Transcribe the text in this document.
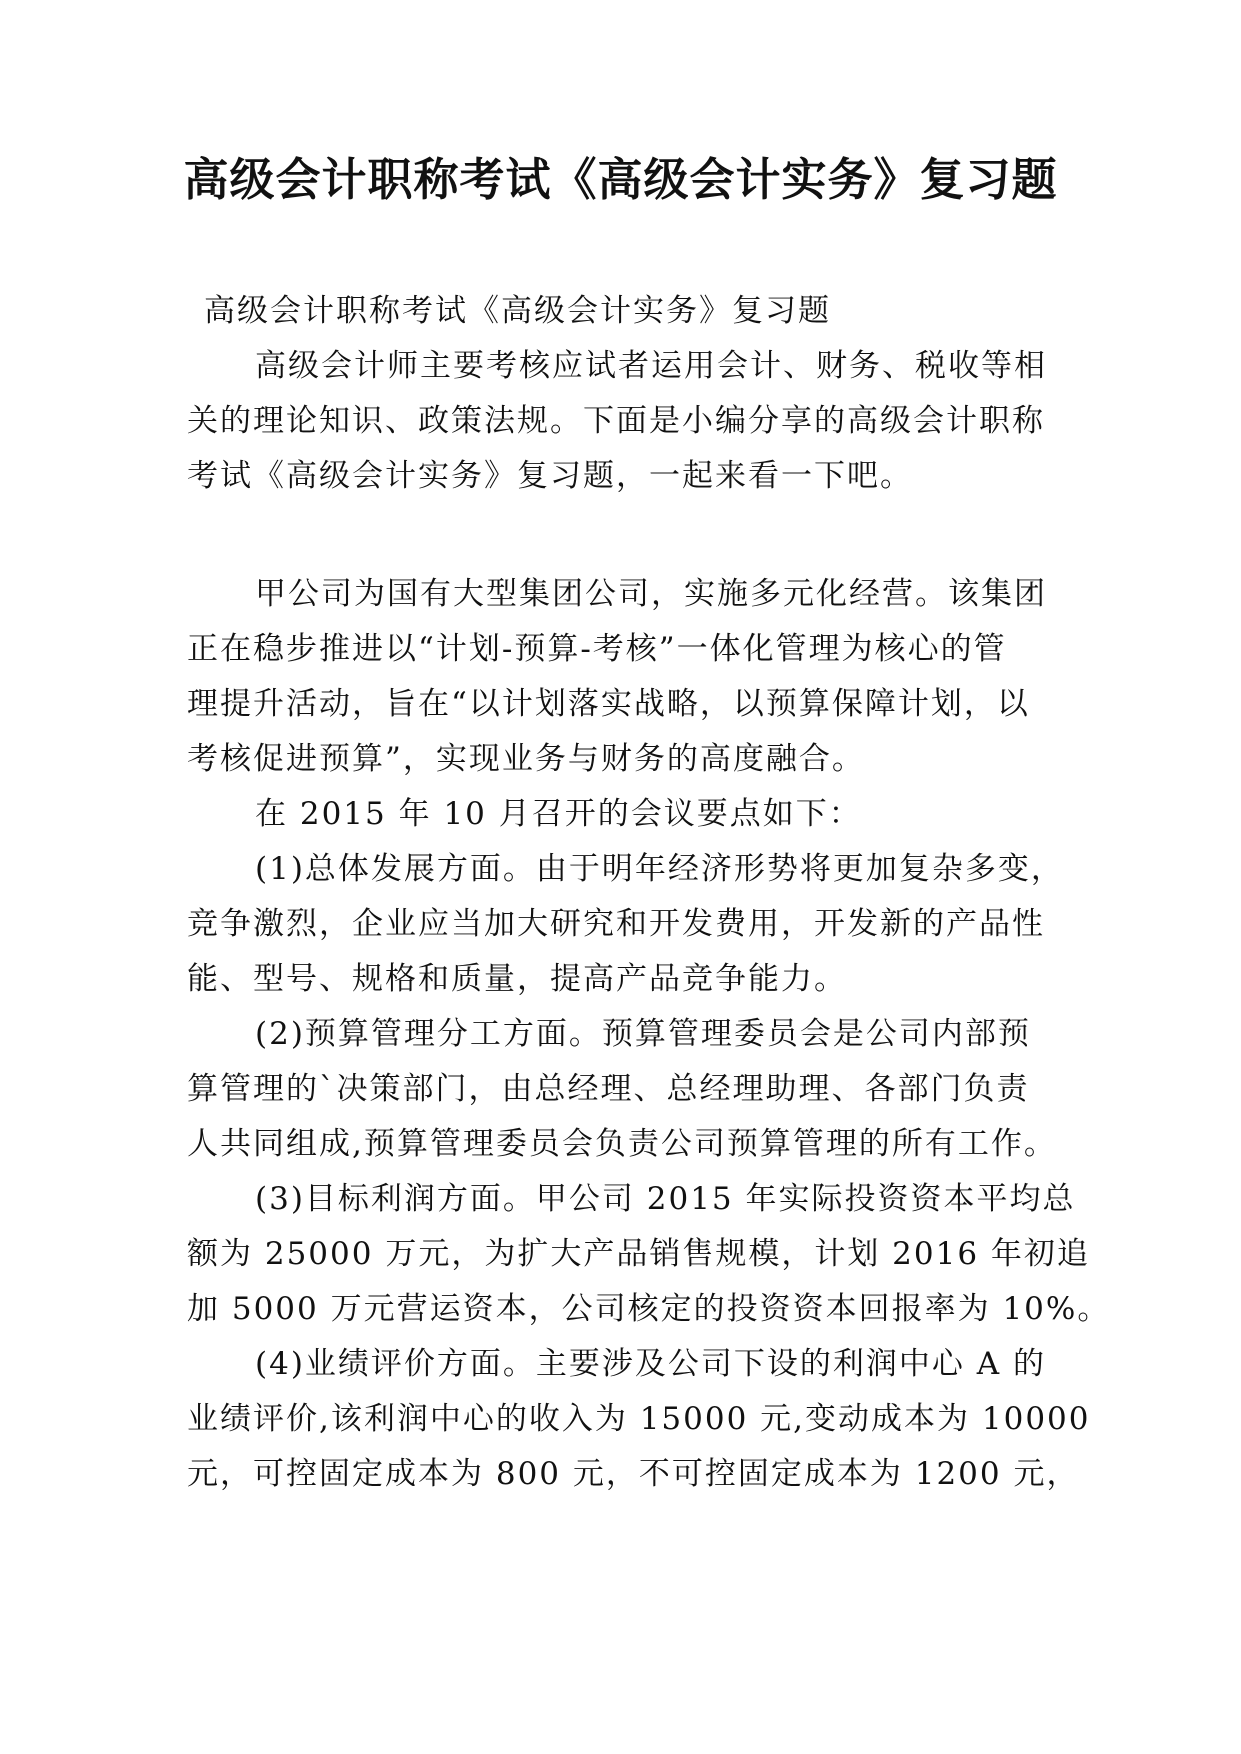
高级会计职称考试《高级会计实务》复习题
高级会计职称考试《高级会计实务》复习题
高级会计师主要考核应试者运用会计、财务、税收等相
关的理论知识、政策法规。下面是小编分享的高级会计职称
考试《高级会计实务》复习题，一起来看一下吧。
甲公司为国有大型集团公司，实施多元化经营。该集团
正在稳步推进以“计划-预算-考核”一体化管理为核心的管
理提升活动，旨在“以计划落实战略，以预算保障计划，以
考核促进预算”，实现业务与财务的高度融合。
在 2015 年 10 月召开的会议要点如下：
(1)总体发展方面。由于明年经济形势将更加复杂多变，
竞争激烈，企业应当加大研究和开发费用，开发新的产品性
能、型号、规格和质量，提高产品竞争能力。
(2)预算管理分工方面。预算管理委员会是公司内部预
算管理的`决策部门，由总经理、总经理助理、各部门负责
人共同组成,预算管理委员会负责公司预算管理的所有工作。
(3)目标利润方面。甲公司 2015 年实际投资资本平均总
额为 25000 万元，为扩大产品销售规模，计划 2016 年初追
加 5000 万元营运资本，公司核定的投资资本回报率为 10%。
(4)业绩评价方面。主要涉及公司下设的利润中心 A 的
业绩评价,该利润中心的收入为 15000 元,变动成本为 10000
元，可控固定成本为 800 元，不可控固定成本为 1200 元，
